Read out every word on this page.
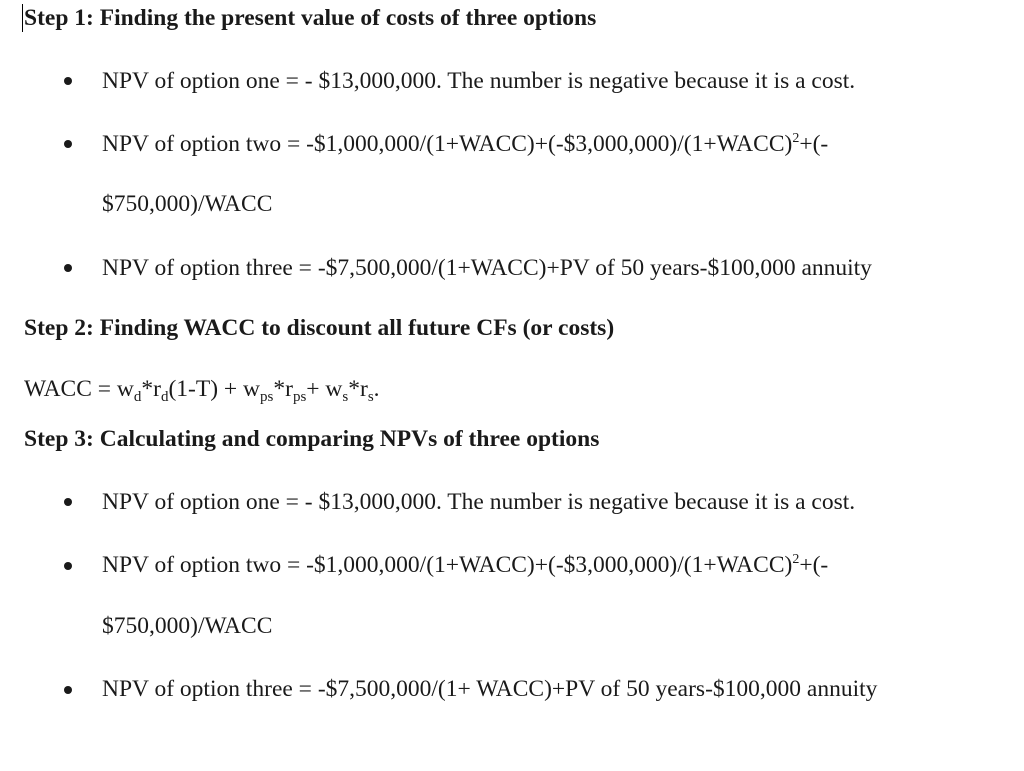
Step 1: Finding the present value of costs of three options
NPV of option one = - $13,000,000. The number is negative because it is a cost.
NPV of option two = -$1,000,000/(1+WACC)+(-$3,000,000)/(1+WACC)$^2$+(-
$750,000)/WACC
NPV of option three = -$7,500,000/(1+WACC)+PV of 50 years-$100,000 annuity
Step 2: Finding WACC to discount all future CFs (or costs)
WACC = $w_d*r_d(1-T) + w_{ps}*r_{ps}+ w_s*r_s$.
Step 3: Calculating and comparing NPVs of three options
NPV of option one = - $13,000,000. The number is negative because it is a cost.
NPV of option two = -$1,000,000/(1+WACC)+(-$3,000,000)/(1+WACC)$^2$+(-
$750,000)/WACC
NPV of option three = -$7,500,000/(1+ WACC)+PV of 50 years-$100,000 annuity
